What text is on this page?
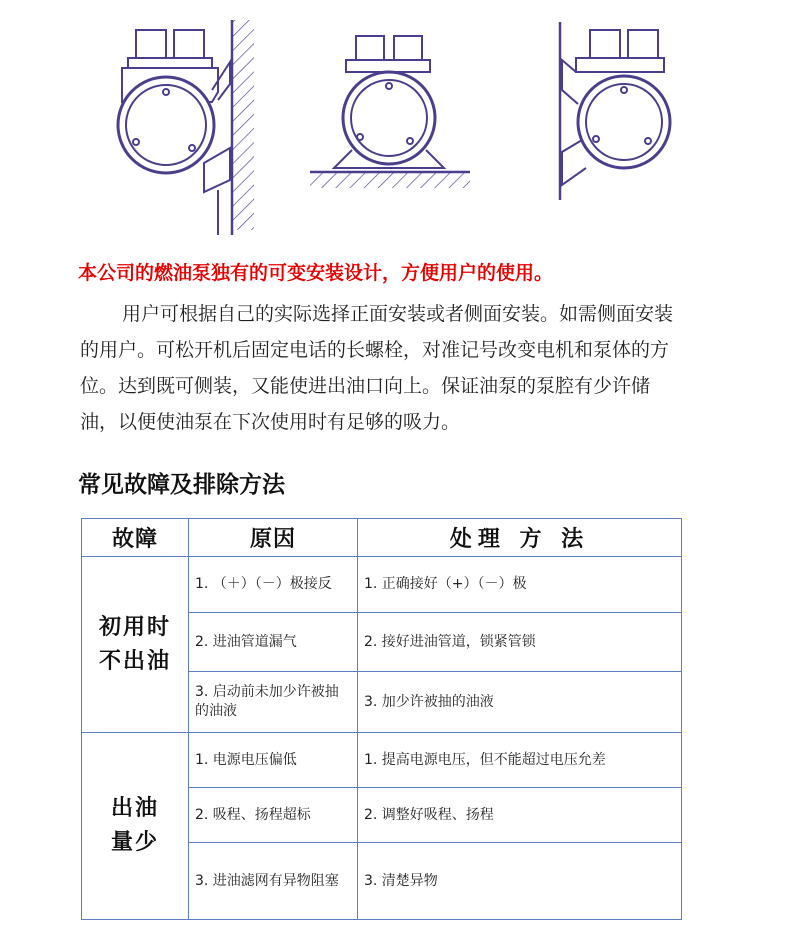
本公司的燃油泵独有的可变安装设计，方便用户的使用。
用户可根据自己的实际选择正面安装或者侧面安装。如需侧面安装的用户。可松开机后固定电话的长螺栓，对准记号改变电机和泵体的方位。达到既可侧装，又能使进出油口向上。保证油泵的泵腔有少许储油，以便使油泵在下次使用时有足够的吸力。
常见故障及排除方法
故障	原因	处理 方 法
初用时
不出油	1. （＋）（－）极接反	1. 正确接好（+）（－）极
	2. 进油管道漏气	2. 接好进油管道，锁紧管锁
	3. 启动前未加少许被抽的油液	3. 加少许被抽的油液
出油
量少	1. 电源电压偏低	1. 提高电源电压，但不能超过电压允差
	2. 吸程、扬程超标	2. 调整好吸程、扬程
	3. 进油滤网有异物阻塞	3. 清楚异物
